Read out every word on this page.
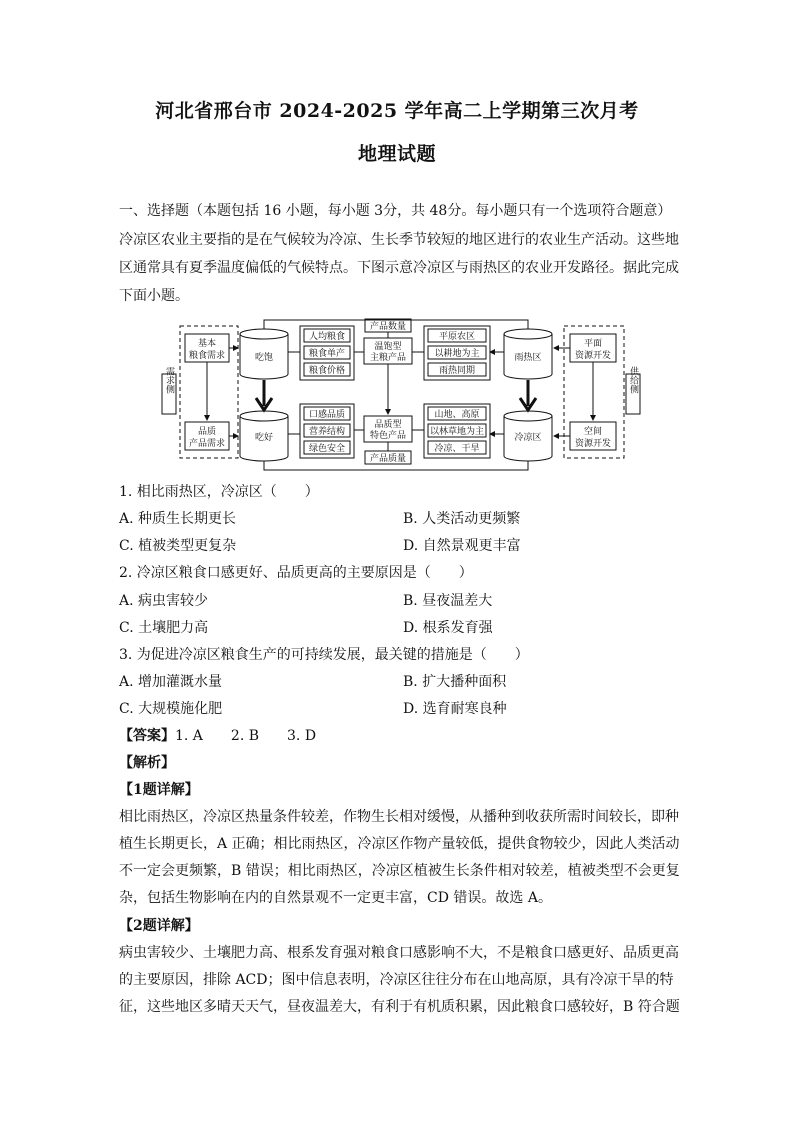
河北省邢台市 2024-2025 学年高二上学期第三次月考
地理试题
一、选择题（本题包括 16 小题，每小题 3分，共 48分。每小题只有一个选项符合题意）
冷凉区农业主要指的是在气候较为冷凉、生长季节较短的地区进行的农业生产活动。这些地
区通常具有夏季温度偏低的气候特点。下图示意冷凉区与雨热区的农业开发路径。据此完成
下面小题。
需求侧	供给侧
基本
粮食需求
品质
产品需求
吃饱
吃好
人均粮食
粮食单产
粮食价格
口感品质
营养结构
绿色安全
产品数量
温饱型
主粮产品
品质型
特色产品
产品质量
平原农区
以耕地为主
雨热同期
山地、高原
以林草地为主
冷凉、干旱
雨热区
冷凉区
平面
资源开发
空间
资源开发
1. 相比雨热区，冷凉区（　　）
A. 种质生长期更长	B. 人类活动更频繁
C. 植被类型更复杂	D. 自然景观更丰富
2. 冷凉区粮食口感更好、品质更高的主要原因是（　　）
A. 病虫害较少	B. 昼夜温差大
C. 土壤肥力高	D. 根系发育强
3. 为促进冷凉区粮食生产的可持续发展，最关键的措施是（　　）
A. 增加灌溉水量	B. 扩大播种面积
C. 大规模施化肥	D. 选育耐寒良种
【答案】1. A　　2. B　　3. D
【解析】
【1题详解】
相比雨热区，冷凉区热量条件较差，作物生长相对缓慢，从播种到收获所需时间较长，即种
植生长期更长，A 正确；相比雨热区，冷凉区作物产量较低，提供食物较少，因此人类活动
不一定会更频繁，B 错误；相比雨热区，冷凉区植被生长条件相对较差，植被类型不会更复
杂，包括生物影响在内的自然景观不一定更丰富，CD 错误。故选 A。
【2题详解】
病虫害较少、土壤肥力高、根系发育强对粮食口感影响不大，不是粮食口感更好、品质更高
的主要原因，排除 ACD；图中信息表明，冷凉区往往分布在山地高原，具有冷凉干旱的特
征，这些地区多晴天天气，昼夜温差大，有利于有机质积累，因此粮食口感较好，B 符合题
